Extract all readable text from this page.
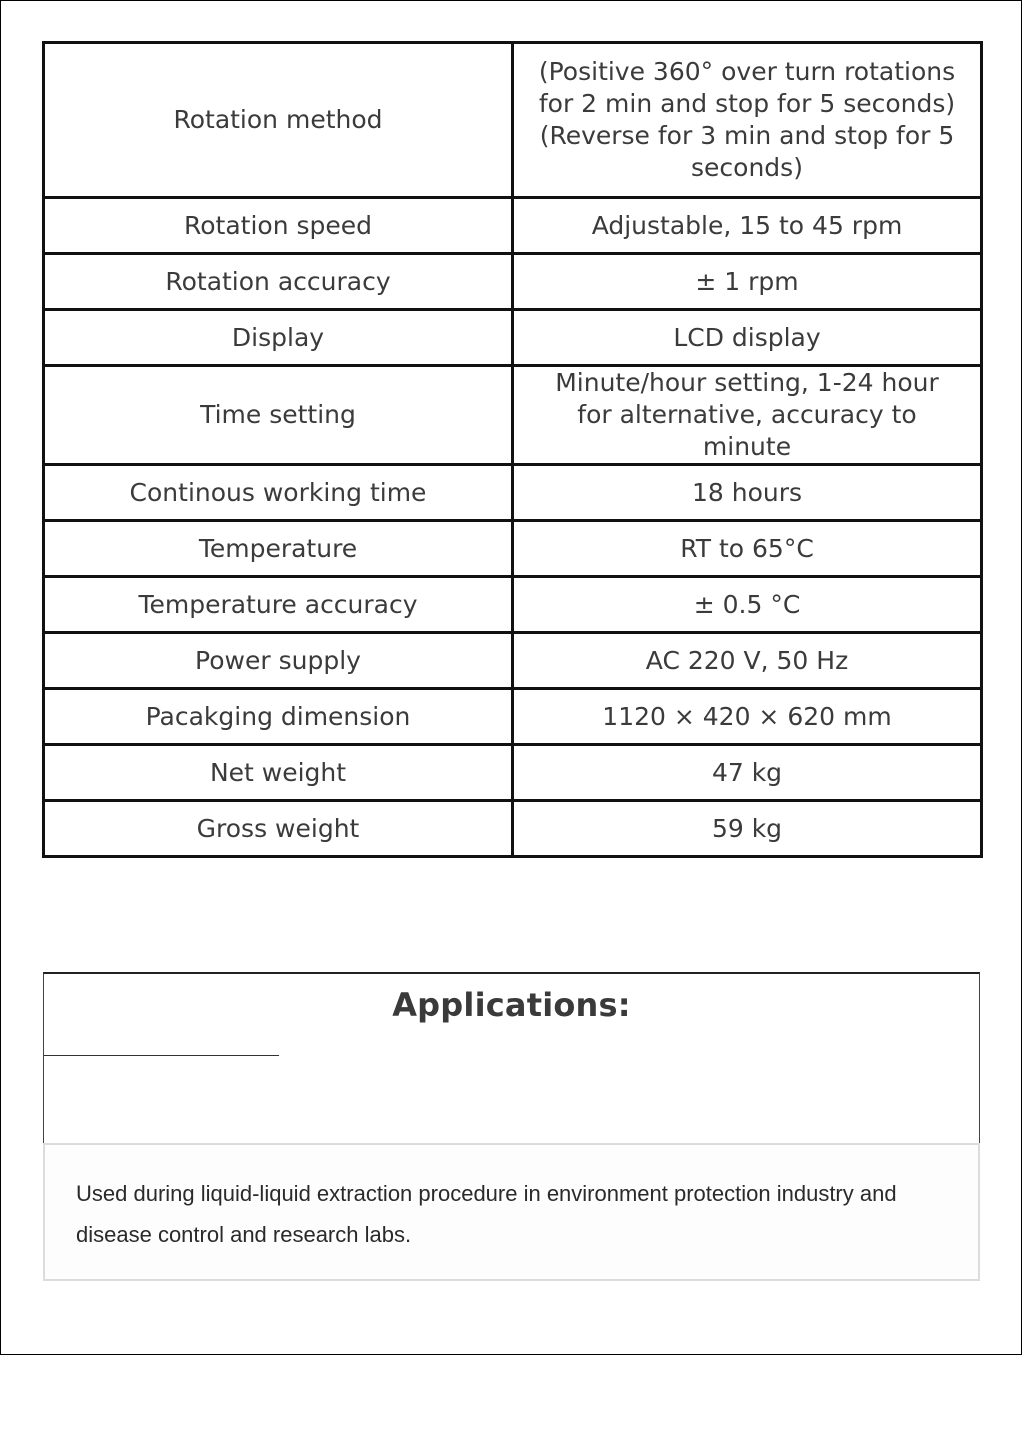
Rotation method	(Positive 360° over turn rotations for 2 min and stop for 5 seconds) (Reverse for 3 min and stop for 5 seconds)
Rotation speed	Adjustable, 15 to 45 rpm
Rotation accuracy	± 1 rpm
Display	LCD display
Time setting	Minute/hour setting, 1-24 hour for alternative, accuracy to minute
Continous working time	18 hours
Temperature	RT to 65°C
Temperature accuracy	± 0.5 °C
Power supply	AC 220 V, 50 Hz
Pacakging dimension	1120 × 420 × 620 mm
Net weight	47 kg
Gross weight	59 kg
Applications:
Used during liquid-liquid extraction procedure in environment protection industry and disease control and research labs.
